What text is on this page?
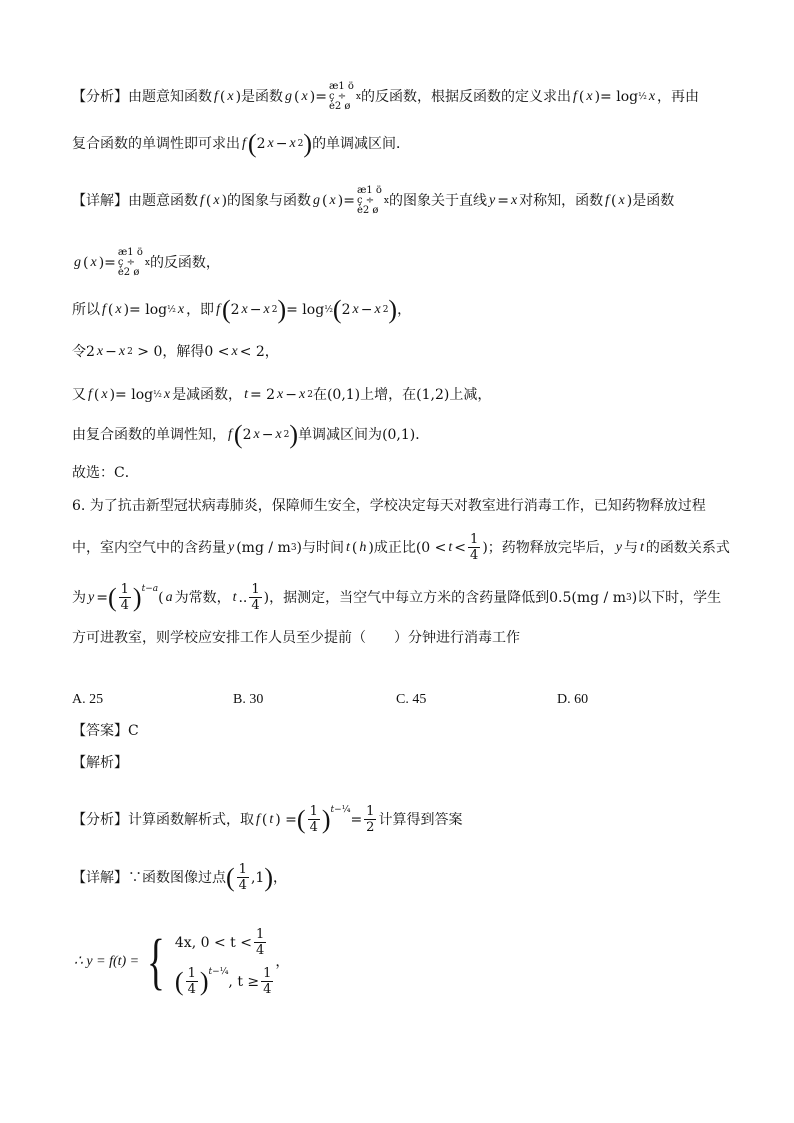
【分析】 由题意知函数 f ( x ) 是函数 g ( x ) =
æ1 ö
ç ÷
è2 ø
x 的反函数，根据反函数的定义求出 f ( x ) = log ½ x ，再由
复合函数的单调性即可求出 f ( 2 x − x 2 ) 的单调减区间．
【详解】 由题意函数 f ( x ) 的图象与函数 g ( x ) =
æ1 ö
ç ÷
è2 ø
x 的图象关于直线 y = x 对称知，函数 f ( x ) 是函数
g ( x ) =
æ1 ö
ç ÷
è2 ø
x 的反函数，
所以 f ( x ) = log ½ x ，即 f ( 2 x − x 2 ) = log ½ ( 2 x − x 2 ) ，
令 2 x − x 2 > 0 ，解得 0 < x < 2 ，
又 f ( x ) = log ½ x 是减函数， t = 2 x − x 2 在 (0,1) 上增，在 (1,2) 上减，
由复合函数的单调性知， f ( 2 x − x 2 ) 单调减区间为 (0,1) ．
故选：C．
6. 为了抗击新型冠状病毒肺炎，保障师生安全，学校决定每天对教室进行消毒工作，已知药物释放过程
中，室内空气中的含药量 y (mg / m 3 ) 与时间 t ( h ) 成正比 ($0 < t < \frac{1}{4}$ ) ；药物释放完毕后， y 与 t 的函数关系式
为 y = ( $\frac{1}{4}$ ) t−a
( a 为常数， t .. $\frac{1}{4}$ ) ，据测定，当空气中每立方米的含药量降低到 0.5(mg / m 3 ) 以下时，学生
方可进教室，则学校应安排工作人员至少提前（　　）分钟进行消毒工作
A. 25	B. 30	C. 45	D. 60
【答案】 C
【解析】
【分析】 计算函数解析式，取 f ( t ) = ( $\frac{1}{4}$ ) t−¼
= $\frac{1}{2}$ 计算得到答案
【详解】 ∵函数图像过点 ( $\frac{1}{4} ,1$ ) ，
∴ y = f(t) = { 4x, $0 < t < \frac{1}{4}$
( $\frac{1}{4}$ ) t−¼
, $t \ge \frac{1}{4}$
，
